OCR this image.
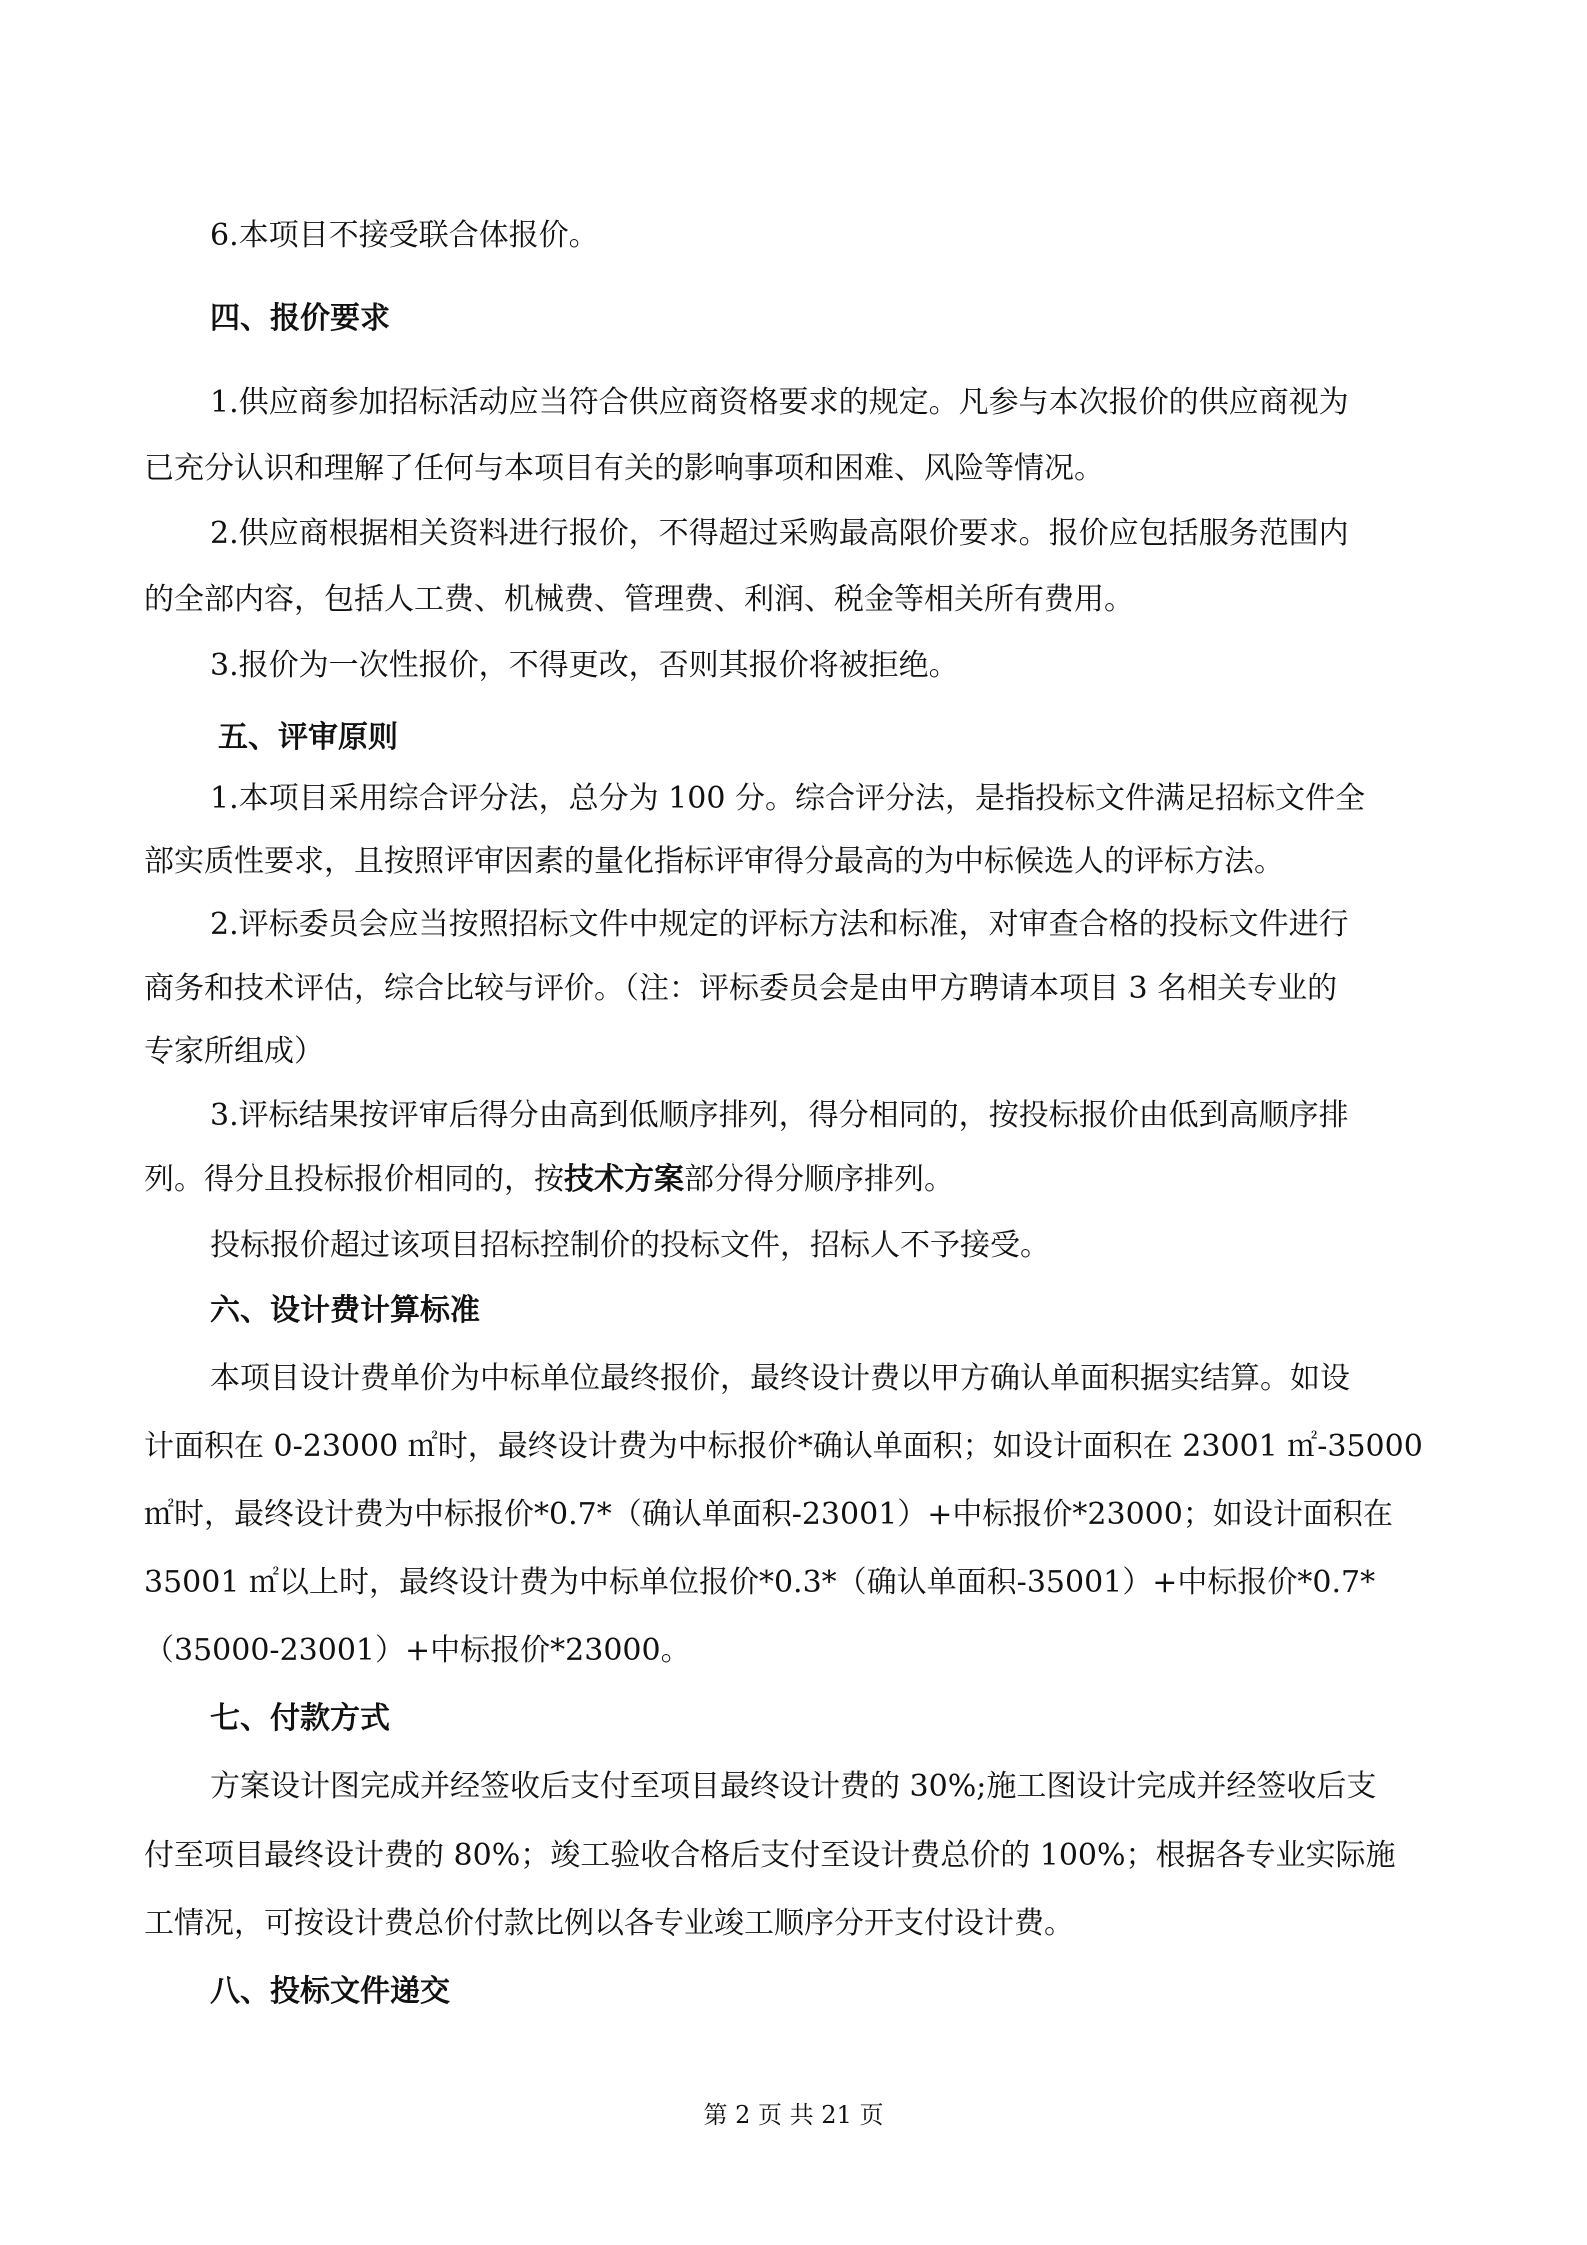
6.本项目不接受联合体报价。
四、报价要求
1.供应商参加招标活动应当符合供应商资格要求的规定。凡参与本次报价的供应商视为
已充分认识和理解了任何与本项目有关的影响事项和困难、风险等情况。
2.供应商根据相关资料进行报价，不得超过采购最高限价要求。报价应包括服务范围内
的全部内容，包括人工费、机械费、管理费、利润、税金等相关所有费用。
3.报价为一次性报价，不得更改，否则其报价将被拒绝。
五、评审原则
1.本项目采用综合评分法，总分为 100 分。综合评分法，是指投标文件满足招标文件全
部实质性要求，且按照评审因素的量化指标评审得分最高的为中标候选人的评标方法。
2.评标委员会应当按照招标文件中规定的评标方法和标准，对审查合格的投标文件进行
商务和技术评估，综合比较与评价。（注：评标委员会是由甲方聘请本项目 3 名相关专业的
专家所组成）
3.评标结果按评审后得分由高到低顺序排列，得分相同的，按投标报价由低到高顺序排
列。得分且投标报价相同的，按技术方案部分得分顺序排列。
投标报价超过该项目招标控制价的投标文件，招标人不予接受。
六、设计费计算标准
本项目设计费单价为中标单位最终报价，最终设计费以甲方确认单面积据实结算。如设
计面积在 0-23000 ㎡时，最终设计费为中标报价*确认单面积；如设计面积在 23001 ㎡-35000
㎡时，最终设计费为中标报价*0.7*（确认单面积-23001）+中标报价*23000；如设计面积在
35001 ㎡以上时，最终设计费为中标单位报价*0.3*（确认单面积-35001）+中标报价*0.7*
（35000-23001）+中标报价*23000。
七、付款方式
方案设计图完成并经签收后支付至项目最终设计费的 30%;施工图设计完成并经签收后支
付至项目最终设计费的 80%；竣工验收合格后支付至设计费总价的 100%；根据各专业实际施
工情况，可按设计费总价付款比例以各专业竣工顺序分开支付设计费。
八、投标文件递交
第 2 页 共 21 页
